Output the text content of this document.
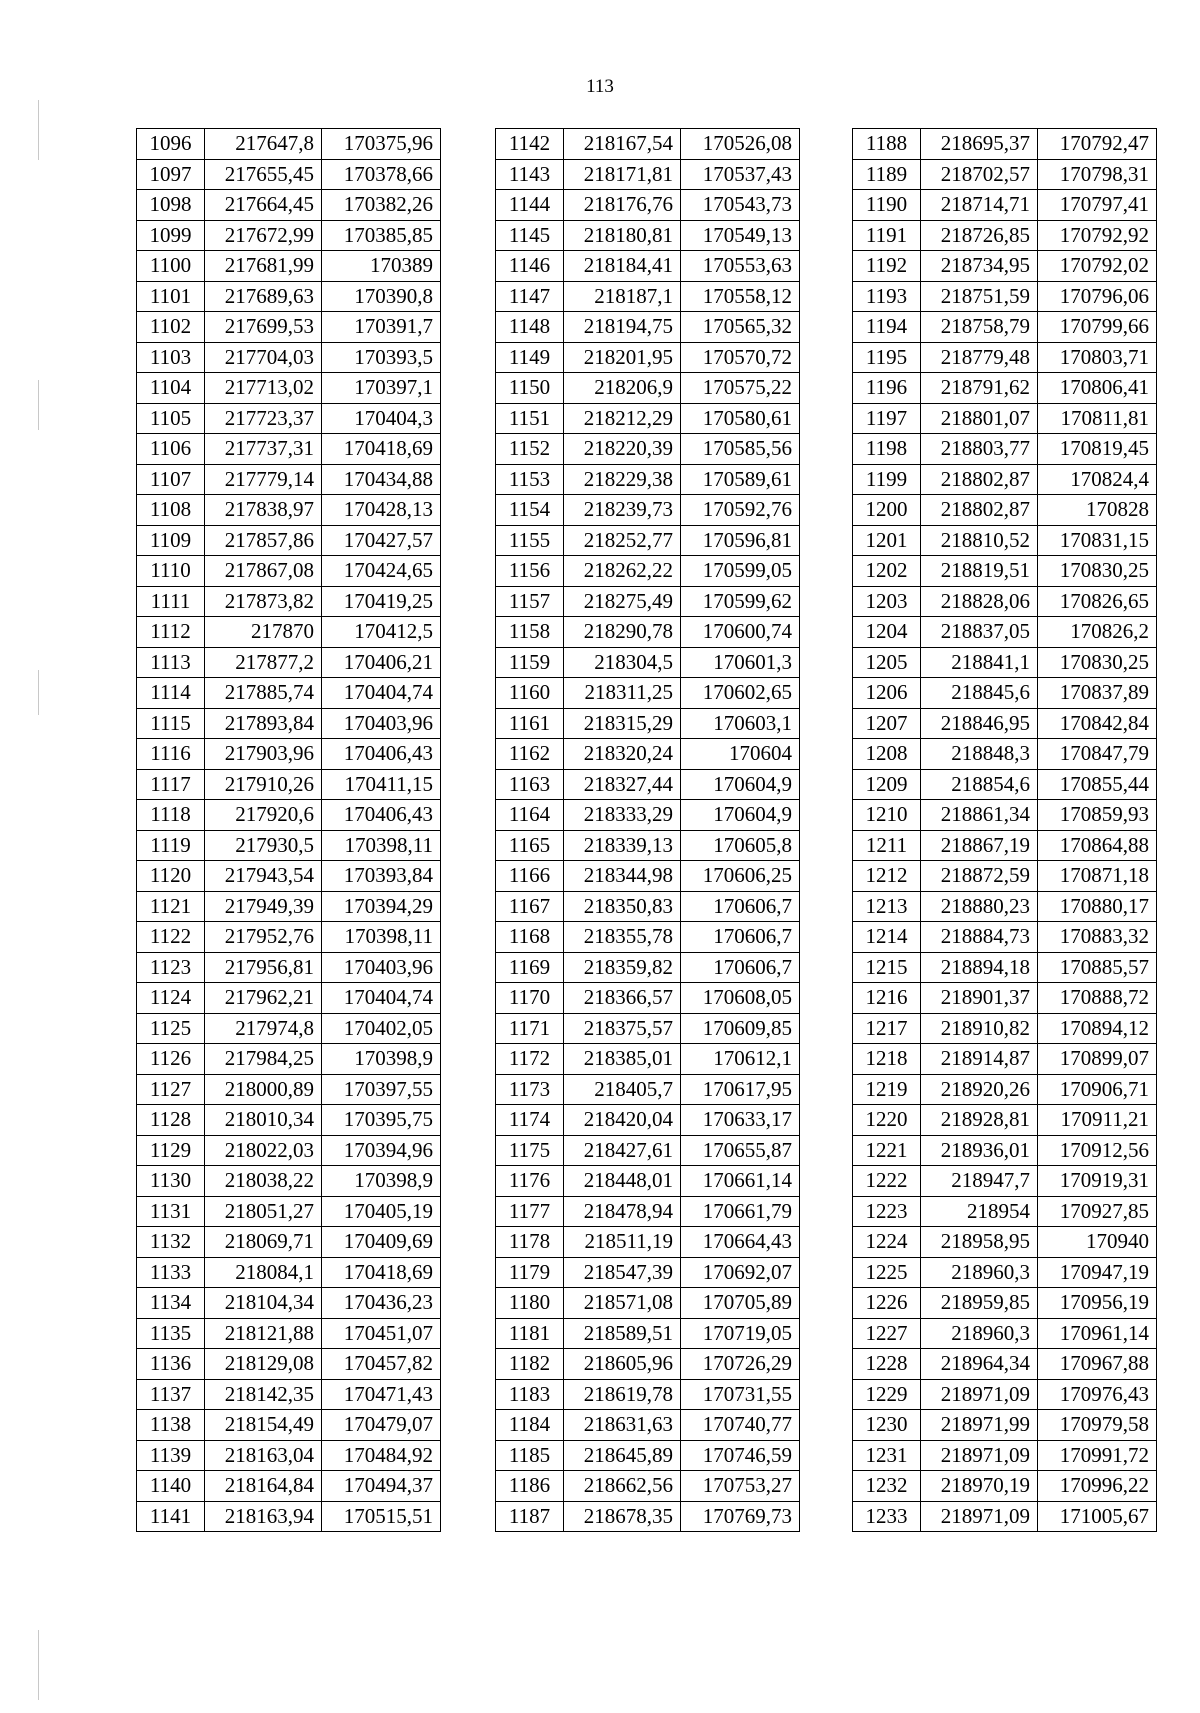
113
1096	217647,8	170375,96
1097	217655,45	170378,66
1098	217664,45	170382,26
1099	217672,99	170385,85
1100	217681,99	170389
1101	217689,63	170390,8
1102	217699,53	170391,7
1103	217704,03	170393,5
1104	217713,02	170397,1
1105	217723,37	170404,3
1106	217737,31	170418,69
1107	217779,14	170434,88
1108	217838,97	170428,13
1109	217857,86	170427,57
1110	217867,08	170424,65
1111	217873,82	170419,25
1112	217870	170412,5
1113	217877,2	170406,21
1114	217885,74	170404,74
1115	217893,84	170403,96
1116	217903,96	170406,43
1117	217910,26	170411,15
1118	217920,6	170406,43
1119	217930,5	170398,11
1120	217943,54	170393,84
1121	217949,39	170394,29
1122	217952,76	170398,11
1123	217956,81	170403,96
1124	217962,21	170404,74
1125	217974,8	170402,05
1126	217984,25	170398,9
1127	218000,89	170397,55
1128	218010,34	170395,75
1129	218022,03	170394,96
1130	218038,22	170398,9
1131	218051,27	170405,19
1132	218069,71	170409,69
1133	218084,1	170418,69
1134	218104,34	170436,23
1135	218121,88	170451,07
1136	218129,08	170457,82
1137	218142,35	170471,43
1138	218154,49	170479,07
1139	218163,04	170484,92
1140	218164,84	170494,37
1141	218163,94	170515,51
1142	218167,54	170526,08
1143	218171,81	170537,43
1144	218176,76	170543,73
1145	218180,81	170549,13
1146	218184,41	170553,63
1147	218187,1	170558,12
1148	218194,75	170565,32
1149	218201,95	170570,72
1150	218206,9	170575,22
1151	218212,29	170580,61
1152	218220,39	170585,56
1153	218229,38	170589,61
1154	218239,73	170592,76
1155	218252,77	170596,81
1156	218262,22	170599,05
1157	218275,49	170599,62
1158	218290,78	170600,74
1159	218304,5	170601,3
1160	218311,25	170602,65
1161	218315,29	170603,1
1162	218320,24	170604
1163	218327,44	170604,9
1164	218333,29	170604,9
1165	218339,13	170605,8
1166	218344,98	170606,25
1167	218350,83	170606,7
1168	218355,78	170606,7
1169	218359,82	170606,7
1170	218366,57	170608,05
1171	218375,57	170609,85
1172	218385,01	170612,1
1173	218405,7	170617,95
1174	218420,04	170633,17
1175	218427,61	170655,87
1176	218448,01	170661,14
1177	218478,94	170661,79
1178	218511,19	170664,43
1179	218547,39	170692,07
1180	218571,08	170705,89
1181	218589,51	170719,05
1182	218605,96	170726,29
1183	218619,78	170731,55
1184	218631,63	170740,77
1185	218645,89	170746,59
1186	218662,56	170753,27
1187	218678,35	170769,73
1188	218695,37	170792,47
1189	218702,57	170798,31
1190	218714,71	170797,41
1191	218726,85	170792,92
1192	218734,95	170792,02
1193	218751,59	170796,06
1194	218758,79	170799,66
1195	218779,48	170803,71
1196	218791,62	170806,41
1197	218801,07	170811,81
1198	218803,77	170819,45
1199	218802,87	170824,4
1200	218802,87	170828
1201	218810,52	170831,15
1202	218819,51	170830,25
1203	218828,06	170826,65
1204	218837,05	170826,2
1205	218841,1	170830,25
1206	218845,6	170837,89
1207	218846,95	170842,84
1208	218848,3	170847,79
1209	218854,6	170855,44
1210	218861,34	170859,93
1211	218867,19	170864,88
1212	218872,59	170871,18
1213	218880,23	170880,17
1214	218884,73	170883,32
1215	218894,18	170885,57
1216	218901,37	170888,72
1217	218910,82	170894,12
1218	218914,87	170899,07
1219	218920,26	170906,71
1220	218928,81	170911,21
1221	218936,01	170912,56
1222	218947,7	170919,31
1223	218954	170927,85
1224	218958,95	170940
1225	218960,3	170947,19
1226	218959,85	170956,19
1227	218960,3	170961,14
1228	218964,34	170967,88
1229	218971,09	170976,43
1230	218971,99	170979,58
1231	218971,09	170991,72
1232	218970,19	170996,22
1233	218971,09	171005,67
